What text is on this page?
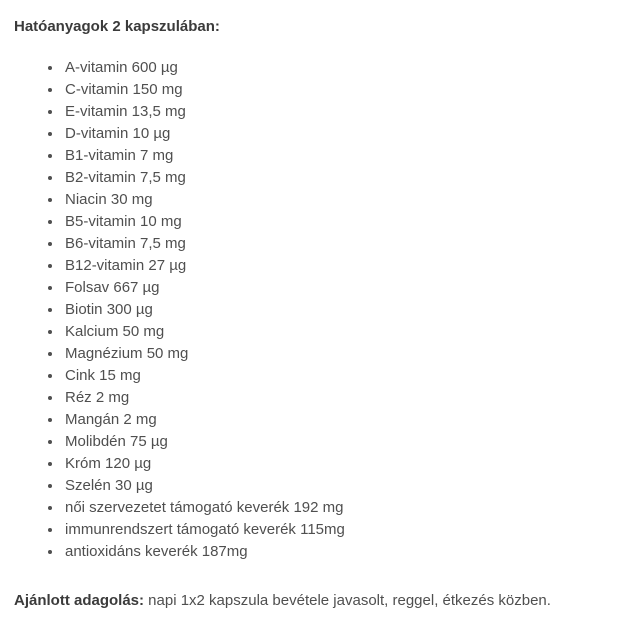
Hatóanyagok 2 kapszulában:
• A-vitamin 600 µg
• C-vitamin 150 mg
• E-vitamin 13,5 mg
• D-vitamin 10 µg
• B1-vitamin 7 mg
• B2-vitamin 7,5 mg
• Niacin 30 mg
• B5-vitamin 10 mg
• B6-vitamin 7,5 mg
• B12-vitamin 27 µg
• Folsav 667 µg
• Biotin 300 µg
• Kalcium 50 mg
• Magnézium 50 mg
• Cink 15 mg
• Réz 2 mg
• Mangán 2 mg
• Molibdén 75 µg
• Króm 120 µg
• Szelén 30 µg
• női szervezetet támogató keverék 192 mg
• immunrendszert támogató keverék 115mg
• antioxidáns keverék 187mg

Ajánlott adagolás: napi 1x2 kapszula bevétele javasolt, reggel, étkezés közben.
